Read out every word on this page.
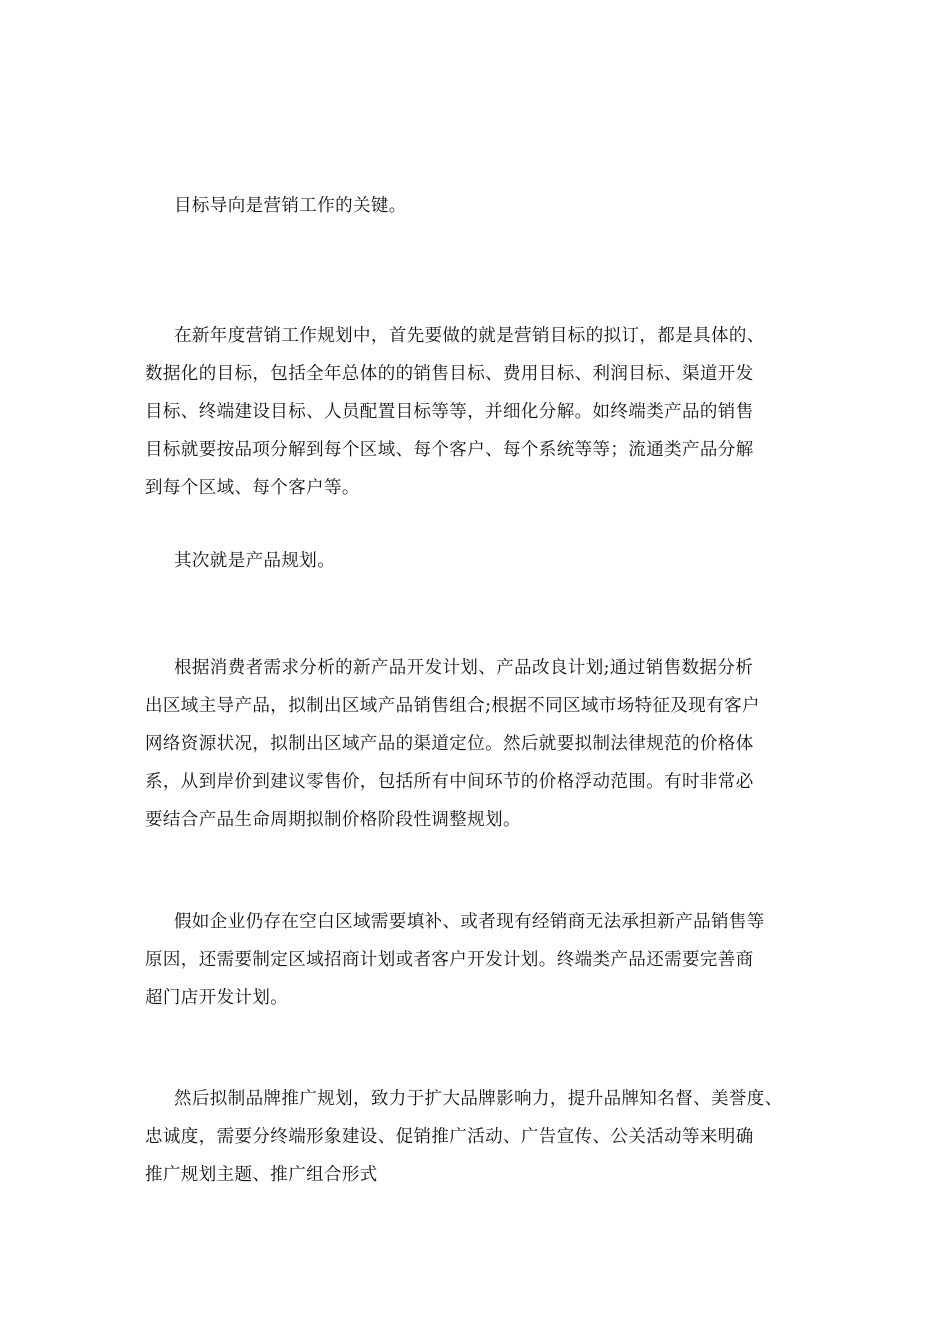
目标导向是营销工作的关键。
在新年度营销工作规划中，首先要做的就是营销目标的拟订，都是具体的、
数据化的目标，包括全年总体的的销售目标、费用目标、利润目标、渠道开发
目标、终端建设目标、人员配置目标等等，并细化分解。如终端类产品的销售
目标就要按品项分解到每个区域、每个客户、每个系统等等；流通类产品分解
到每个区域、每个客户等。
其次就是产品规划。
根据消费者需求分析的新产品开发计划、产品改良计划;通过销售数据分析
出区域主导产品，拟制出区域产品销售组合;根据不同区域市场特征及现有客户
网络资源状况，拟制出区域产品的渠道定位。然后就要拟制法律规范的价格体
系，从到岸价到建议零售价，包括所有中间环节的价格浮动范围。有时非常必
要结合产品生命周期拟制价格阶段性调整规划。
假如企业仍存在空白区域需要填补、或者现有经销商无法承担新产品销售等
原因，还需要制定区域招商计划或者客户开发计划。终端类产品还需要完善商
超门店开发计划。
然后拟制品牌推广规划，致力于扩大品牌影响力，提升品牌知名督、美誉度、
忠诚度，需要分终端形象建设、促销推广活动、广告宣传、公关活动等来明确
推广规划主题、推广组合形式
